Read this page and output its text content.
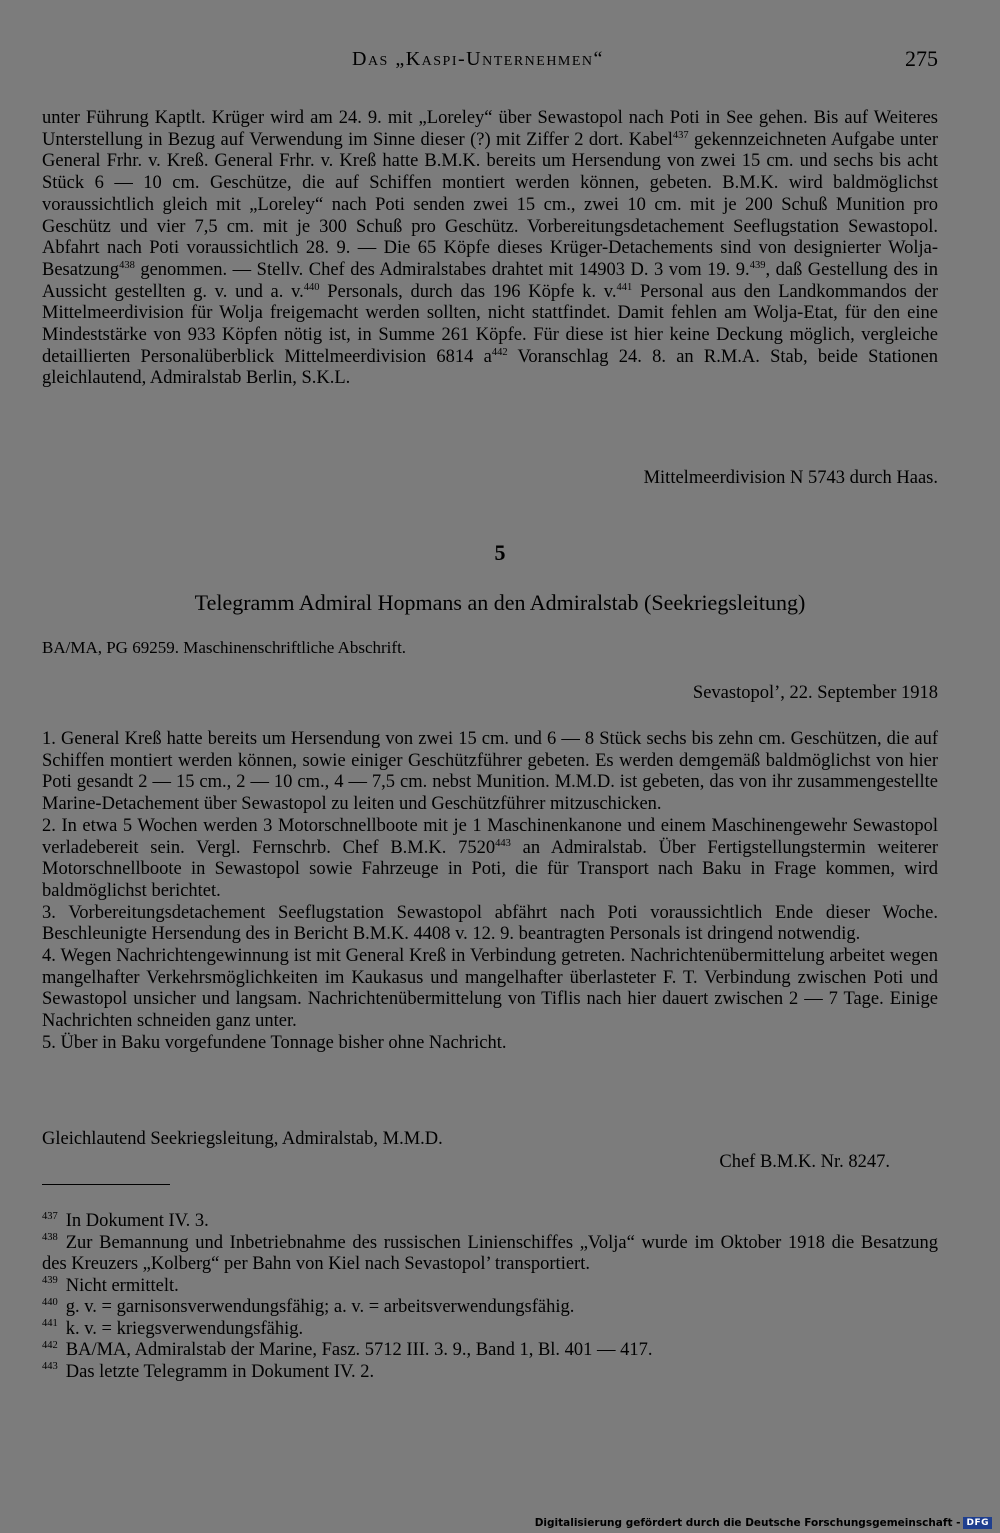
Das „Kaspi-Unternehmen“	275

unter Führung Kaptlt. Krüger wird am 24. 9. mit „Loreley“ über Sewastopol nach Poti in See gehen. Bis auf Weiteres Unterstellung in Bezug auf Verwendung im Sinne dieser (?) mit Ziffer 2 dort. Kabel$^{437}$ gekennzeichneten Aufgabe unter General Frhr. v. Kreß. General Frhr. v. Kreß hatte B.M.K. bereits um Hersendung von zwei 15 cm. und sechs bis acht Stück 6 — 10 cm. Geschütze, die auf Schiffen montiert werden können, gebeten. B.M.K. wird baldmöglichst voraussichtlich gleich mit „Loreley“ nach Poti senden zwei 15 cm., zwei 10 cm. mit je 200 Schuß Munition pro Geschütz und vier 7,5 cm. mit je 300 Schuß pro Geschütz. Vorbereitungsdetachement Seeflugstation Sewastopol. Abfahrt nach Poti voraussichtlich 28. 9. — Die 65 Köpfe dieses Krüger-Detachements sind von designierter Wolja-Besatzung$^{438}$ genommen. — Stellv. Chef des Admiralstabes drahtet mit 14903 D. 3 vom 19. 9.$^{439}$, daß Gestellung des in Aussicht gestellten g. v. und a. v.$^{440}$ Personals, durch das 196 Köpfe k. v.$^{441}$ Personal aus den Landkommandos der Mittelmeerdivision für Wolja freigemacht werden sollten, nicht stattfindet. Damit fehlen am Wolja-Etat, für den eine Mindeststärke von 933 Köpfen nötig ist, in Summe 261 Köpfe. Für diese ist hier keine Deckung möglich, vergleiche detaillierten Personalüberblick Mittelmeerdivision 6814 $a^{442}$ Voranschlag 24. 8. an R.M.A. Stab, beide Stationen gleichlautend, Admiralstab Berlin, S.K.L.

Mittelmeerdivision N 5743 durch Haas.
5
Telegramm Admiral Hopmans an den Admiralstab (Seekriegsleitung)
BA/MA, PG 69259. Maschinenschriftliche Abschrift.
Sevastopol’, 22. September 1918

1. General Kreß hatte bereits um Hersendung von zwei 15 cm. und 6 — 8 Stück sechs bis zehn cm. Geschützen, die auf Schiffen montiert werden können, sowie einiger Geschützführer gebeten. Es werden demgemäß baldmöglichst von hier Poti gesandt 2 — 15 cm., 2 — 10 cm., 4 — 7,5 cm. nebst Munition. M.M.D. ist gebeten, das von ihr zusammengestellte Marine-Detachement über Sewastopol zu leiten und Geschützführer mitzuschicken.

2. In etwa 5 Wochen werden 3 Motorschnellboote mit je 1 Maschinenkanone und einem Maschinengewehr Sewastopol verladebereit sein. Vergl. Fernschrb. Chef B.M.K. 7520$^{443}$ an Admiralstab. Über Fertigstellungstermin weiterer Motorschnellboote in Sewastopol sowie Fahrzeuge in Poti, die für Transport nach Baku in Frage kommen, wird baldmöglichst berichtet.

3. Vorbereitungsdetachement Seeflugstation Sewastopol abfährt nach Poti voraussichtlich Ende dieser Woche. Beschleunigte Hersendung des in Bericht B.M.K. 4408 v. 12. 9. beantragten Personals ist dringend notwendig.

4. Wegen Nachrichtengewinnung ist mit General Kreß in Verbindung getreten. Nachrichtenübermittelung arbeitet wegen mangelhafter Verkehrsmöglichkeiten im Kaukasus und mangelhafter überlasteter F. T. Verbindung zwischen Poti und Sewastopol unsicher und langsam. Nachrichtenübermittelung von Tiflis nach hier dauert zwischen 2 — 7 Tage. Einige Nachrichten schneiden ganz unter.

5. Über in Baku vorgefundene Tonnage bisher ohne Nachricht.

Gleichlautend Seekriegsleitung, Admiralstab, M.M.D.
Chef B.M.K. Nr. 8247.
$^{437}$ In Dokument IV. 3.
$^{438}$ Zur Bemannung und Inbetriebnahme des russischen Linienschiffes „Volja“ wurde im Oktober 1918 die Besatzung des Kreuzers „Kolberg“ per Bahn von Kiel nach Sevastopol’ transportiert.
$^{439}$ Nicht ermittelt.
$^{440}$ g. v. = garnisonsverwendungsfähig; a. v. = arbeitsverwendungsfähig.
$^{441}$ k. v. = kriegsverwendungsfähig.
$^{442}$ BA/MA, Admiralstab der Marine, Fasz. 5712 III. 3. 9., Band 1, Bl. 401 — 417.
$^{443}$ Das letzte Telegramm in Dokument IV. 2.
Digitalisierung gefördert durch die Deutsche Forschungsgemeinschaft - DFG
